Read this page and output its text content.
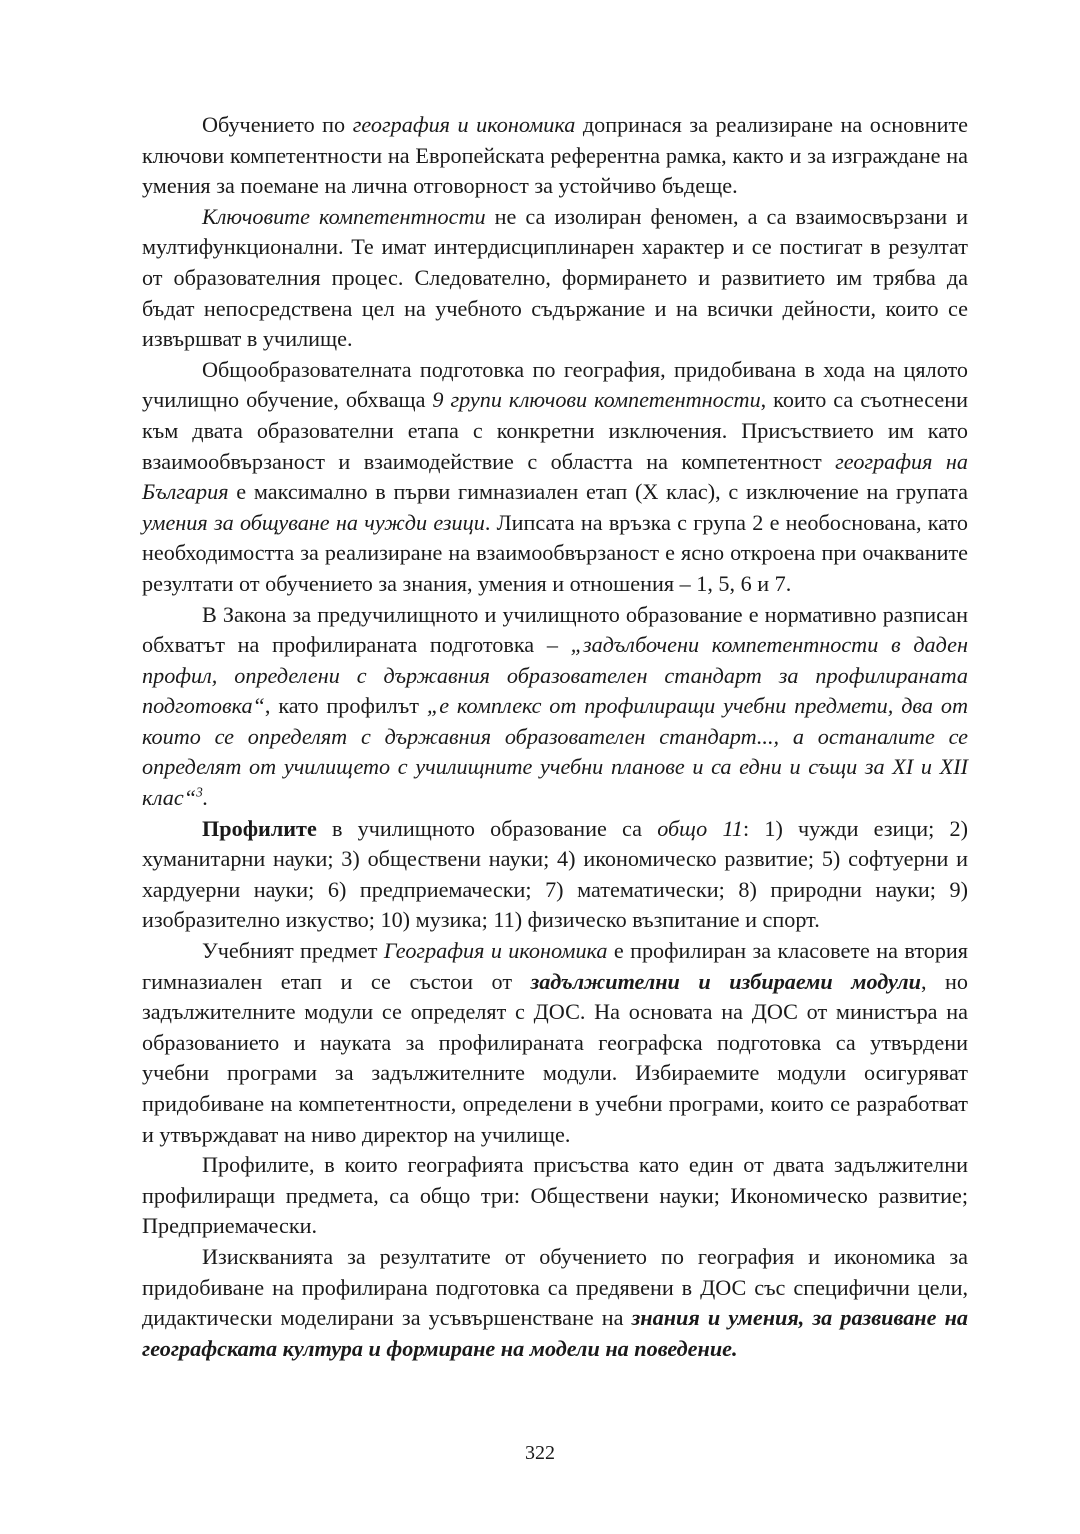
Обучението по география и икономика допринася за реализиране на основните ключови компетентности на Европейската референтна рамка, както и за изграждане на умения за поемане на лична отговорност за устойчиво бъдеще.

Ключовите компетентности не са изолиран феномен, а са взаимосвързани и мултифункционални. Те имат интердисциплинарен характер и се постигат в резултат от образователния процес. Следователно, формирането и развитието им трябва да бъдат непосредствена цел на учебното съдържание и на всички дейности, които се извършват в училище.

Общообразователната подготовка по география, придобивана в хода на цялото училищно обучение, обхваща 9 групи ключови компетентности, които са съотнесени към двата образователни етапа с конкретни изключения. Присъствието им като взаимообвързаност и взаимодействие с областта на компетентност география на България е максимално в първи гимназиален етап (X клас), с изключение на групата умения за общуване на чужди езици. Липсата на връзка с група 2 е необоснована, като необходимостта за реализиране на взаимообвързаност е ясно откроена при очакваните резултати от обучението за знания, умения и отношения – 1, 5, 6 и 7.

В Закона за предучилищното и училищното образование е нормативно разписан обхватът на профилираната подготовка – „задълбочени компетентности в даден профил, определени с държавния образователен стандарт за профилираната подготовка“, като профилът „е комплекс от профилиращи учебни предмети, два от които се определят с държавния образователен стандарт..., а останалите се определят от училището с училищните учебни планове и са едни и същи за XI и XII клас“$^3$.

Профилите в училищното образование са общо 11: 1) чужди езици; 2) хуманитарни науки; 3) обществени науки; 4) икономическо развитие; 5) софтуерни и хардуерни науки; 6) предприемачески; 7) математически; 8) природни науки; 9) изобразително изкуство; 10) музика; 11) физическо възпитание и спорт.

Учебният предмет География и икономика е профилиран за класовете на втория гимназиален етап и се състои от задължителни и избираеми модули, но задължителните модули се определят с ДОС. На основата на ДОС от министъра на образованието и науката за профилираната географска подготовка са утвърдени учебни програми за задължителните модули. Избираемите модули осигуряват придобиване на компетентности, определени в учебни програми, които се разработват и утвърждават на ниво директор на училище.

Профилите, в които географията присъства като един от двата задължителни профилиращи предмета, са общо три: Обществени науки; Икономическо развитие; Предприемачески.

Изискванията за резултатите от обучението по география и икономика за придобиване на профилирана подготовка са предявени в ДОС със специфични цели, дидактически моделирани за усъвършенстване на знания и умения, за развиване на географската култура и формиране на модели на поведение.

322
